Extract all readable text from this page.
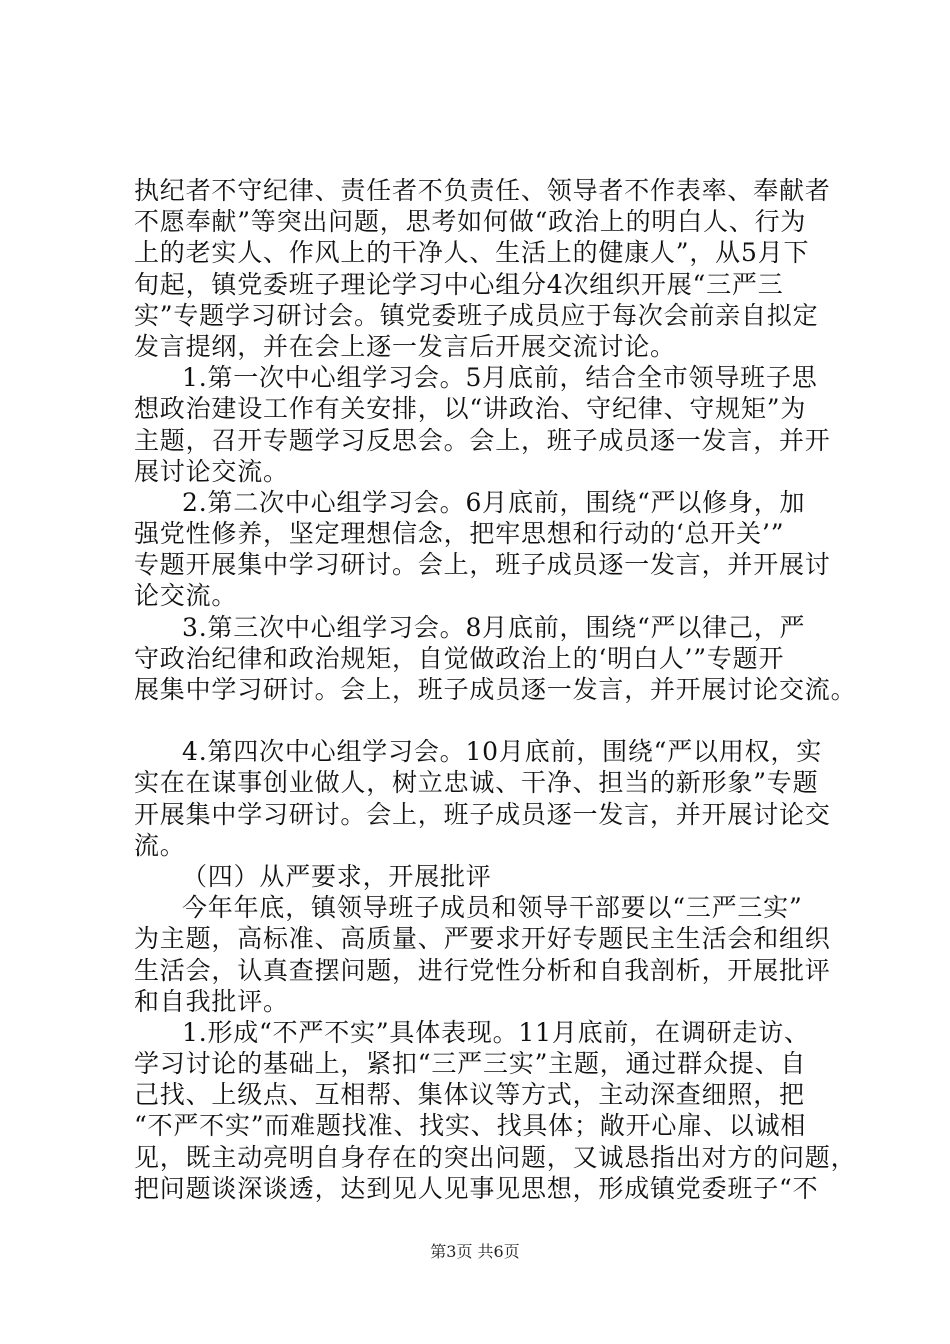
执纪者不守纪律、责任者不负责任、领导者不作表率、奉献者
不愿奉献”等突出问题，思考如何做“政治上的明白人、行为
上的老实人、作风上的干净人、生活上的健康人”，从5月下
旬起，镇党委班子理论学习中心组分4次组织开展“三严三
实”专题学习研讨会。镇党委班子成员应于每次会前亲自拟定
发言提纲，并在会上逐一发言后开展交流讨论。
1.第一次中心组学习会。5月底前，结合全市领导班子思
想政治建设工作有关安排，以“讲政治、守纪律、守规矩”为
主题，召开专题学习反思会。会上，班子成员逐一发言，并开
展讨论交流。
2.第二次中心组学习会。6月底前，围绕“严以修身，加
强党性修养，坚定理想信念，把牢思想和行动的‘总开关’”
专题开展集中学习研讨。会上，班子成员逐一发言，并开展讨
论交流。
3.第三次中心组学习会。8月底前，围绕“严以律己，严
守政治纪律和政治规矩，自觉做政治上的‘明白人’”专题开
展集中学习研讨。会上，班子成员逐一发言，并开展讨论交流。
4.第四次中心组学习会。10月底前，围绕“严以用权，实
实在在谋事创业做人，树立忠诚、干净、担当的新形象”专题
开展集中学习研讨。会上，班子成员逐一发言，并开展讨论交
流。
（四）从严要求，开展批评
今年年底，镇领导班子成员和领导干部要以“三严三实”
为主题，高标准、高质量、严要求开好专题民主生活会和组织
生活会，认真查摆问题，进行党性分析和自我剖析，开展批评
和自我批评。
1.形成“不严不实”具体表现。11月底前，在调研走访、
学习讨论的基础上，紧扣“三严三实”主题，通过群众提、自
己找、上级点、互相帮、集体议等方式，主动深查细照，把
“不严不实”而难题找准、找实、找具体；敞开心扉、以诚相
见，既主动亮明自身存在的突出问题，又诚恳指出对方的问题，
把问题谈深谈透，达到见人见事见思想，形成镇党委班子“不
第3页 共6页
